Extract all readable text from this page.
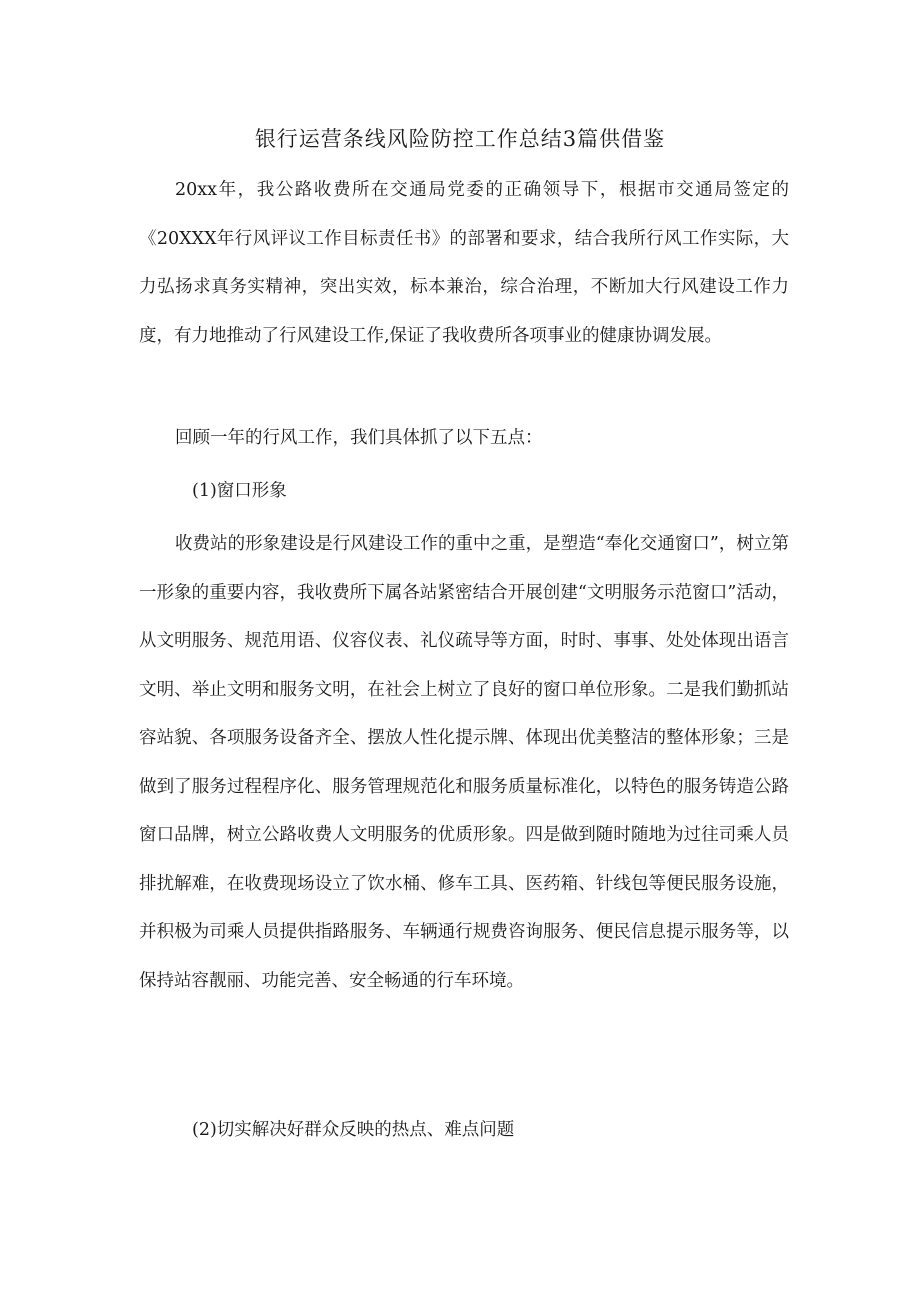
银行运营条线风险防控工作总结3篇供借鉴

20xx年，我公路收费所在交通局党委的正确领导下，根据市交通局签定的《20XXX年行风评议工作目标责任书》的部署和要求，结合我所行风工作实际，大力弘扬求真务实精神，突出实效，标本兼治，综合治理，不断加大行风建设工作力度，有力地推动了行风建设工作,保证了我收费所各项事业的健康协调发展。

回顾一年的行风工作，我们具体抓了以下五点：

(1)窗口形象

收费站的形象建设是行风建设工作的重中之重，是塑造“奉化交通窗口”，树立第一形象的重要内容，我收费所下属各站紧密结合开展创建“文明服务示范窗口”活动，从文明服务、规范用语、仪容仪表、礼仪疏导等方面，时时、事事、处处体现出语言文明、举止文明和服务文明，在社会上树立了良好的窗口单位形象。二是我们勤抓站容站貌、各项服务设备齐全、摆放人性化提示牌、体现出优美整洁的整体形象；三是做到了服务过程程序化、服务管理规范化和服务质量标准化，以特色的服务铸造公路窗口品牌，树立公路收费人文明服务的优质形象。四是做到随时随地为过往司乘人员排扰解难，在收费现场设立了饮水桶、修车工具、医药箱、针线包等便民服务设施，并积极为司乘人员提供指路服务、车辆通行规费咨询服务、便民信息提示服务等，以保持站容靓丽、功能完善、安全畅通的行车环境。

(2)切实解决好群众反映的热点、难点问题
